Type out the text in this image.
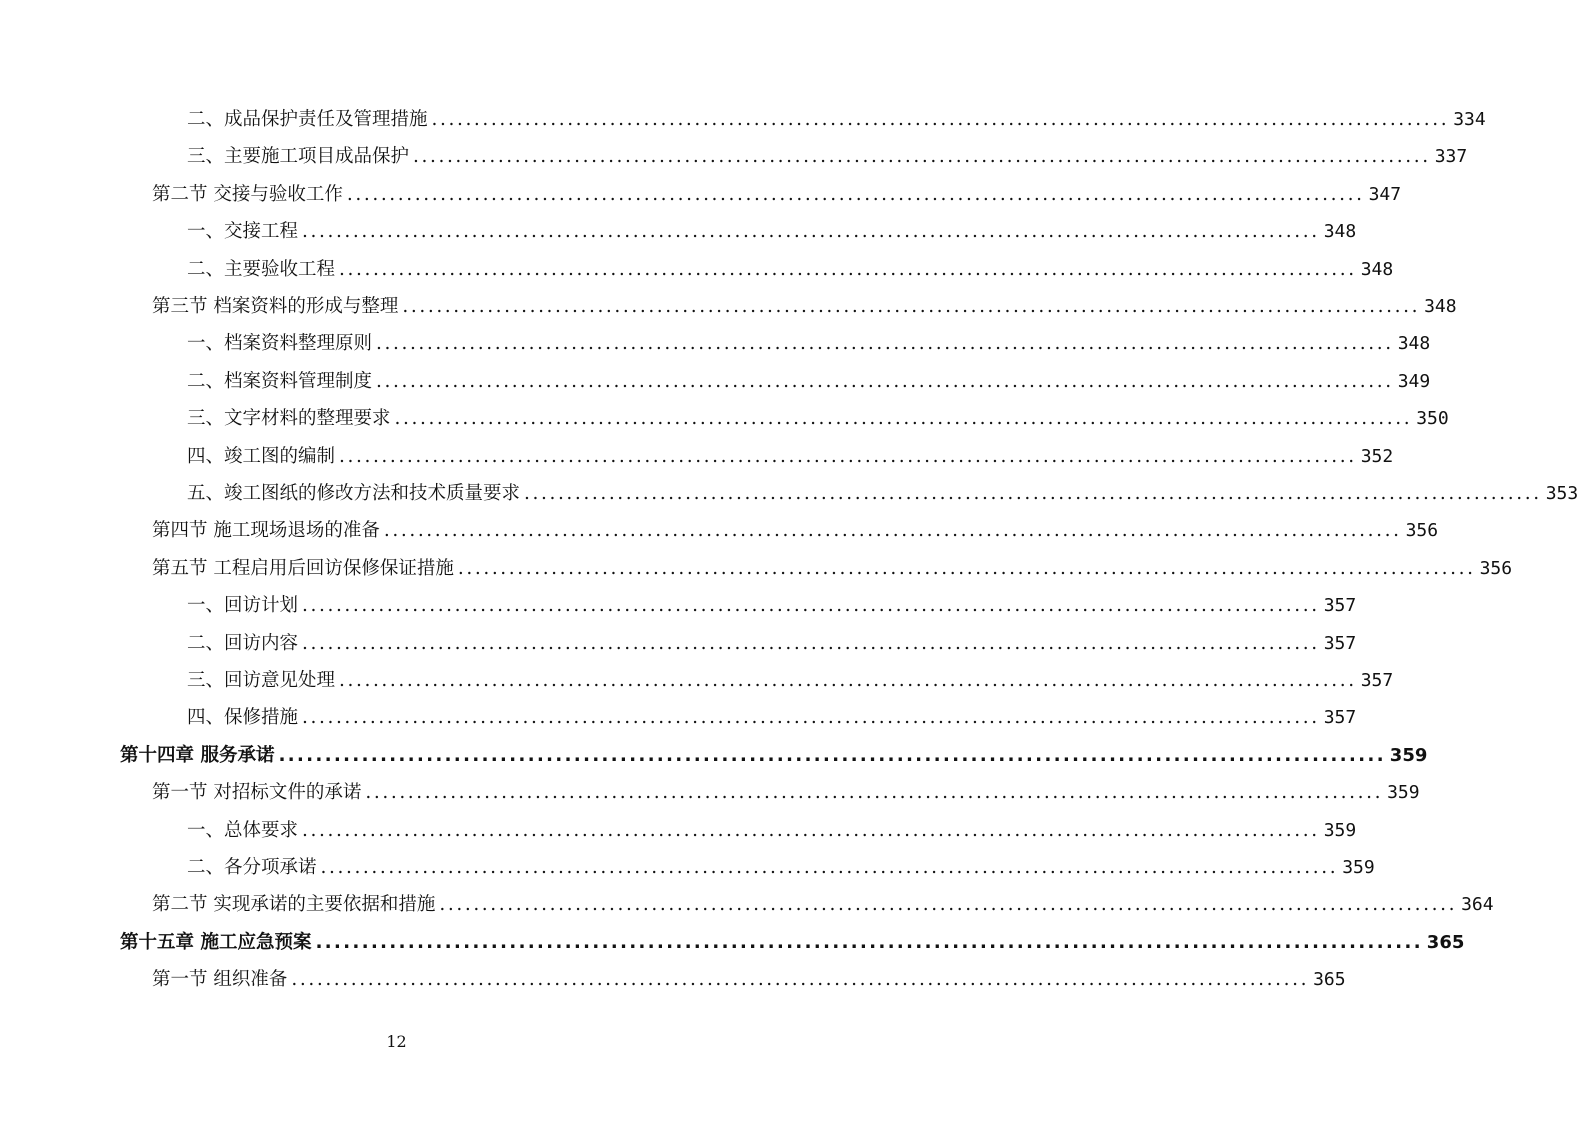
二、成品保护责任及管理措施 ........................................................................................................................ 334
三、主要施工项目成品保护 ........................................................................................................................ 337
第二节 交接与验收工作 ........................................................................................................................ 347
一、交接工程 ........................................................................................................................ 348
二、主要验收工程 ........................................................................................................................ 348
第三节 档案资料的形成与整理 ........................................................................................................................ 348
一、档案资料整理原则 ........................................................................................................................ 348
二、档案资料管理制度 ........................................................................................................................ 349
三、文字材料的整理要求 ........................................................................................................................ 350
四、竣工图的编制 ........................................................................................................................ 352
五、竣工图纸的修改方法和技术质量要求 ........................................................................................................................ 353
第四节 施工现场退场的准备 ........................................................................................................................ 356
第五节 工程启用后回访保修保证措施 ........................................................................................................................ 356
一、回访计划 ........................................................................................................................ 357
二、回访内容 ........................................................................................................................ 357
三、回访意见处理 ........................................................................................................................ 357
四、保修措施 ........................................................................................................................ 357
第十四章 服务承诺 ........................................................................................................................ 359
第一节 对招标文件的承诺 ........................................................................................................................ 359
一、总体要求 ........................................................................................................................ 359
二、各分项承诺 ........................................................................................................................ 359
第二节 实现承诺的主要依据和措施 ........................................................................................................................ 364
第十五章 施工应急预案 ........................................................................................................................ 365
第一节 组织准备 ........................................................................................................................ 365
12
